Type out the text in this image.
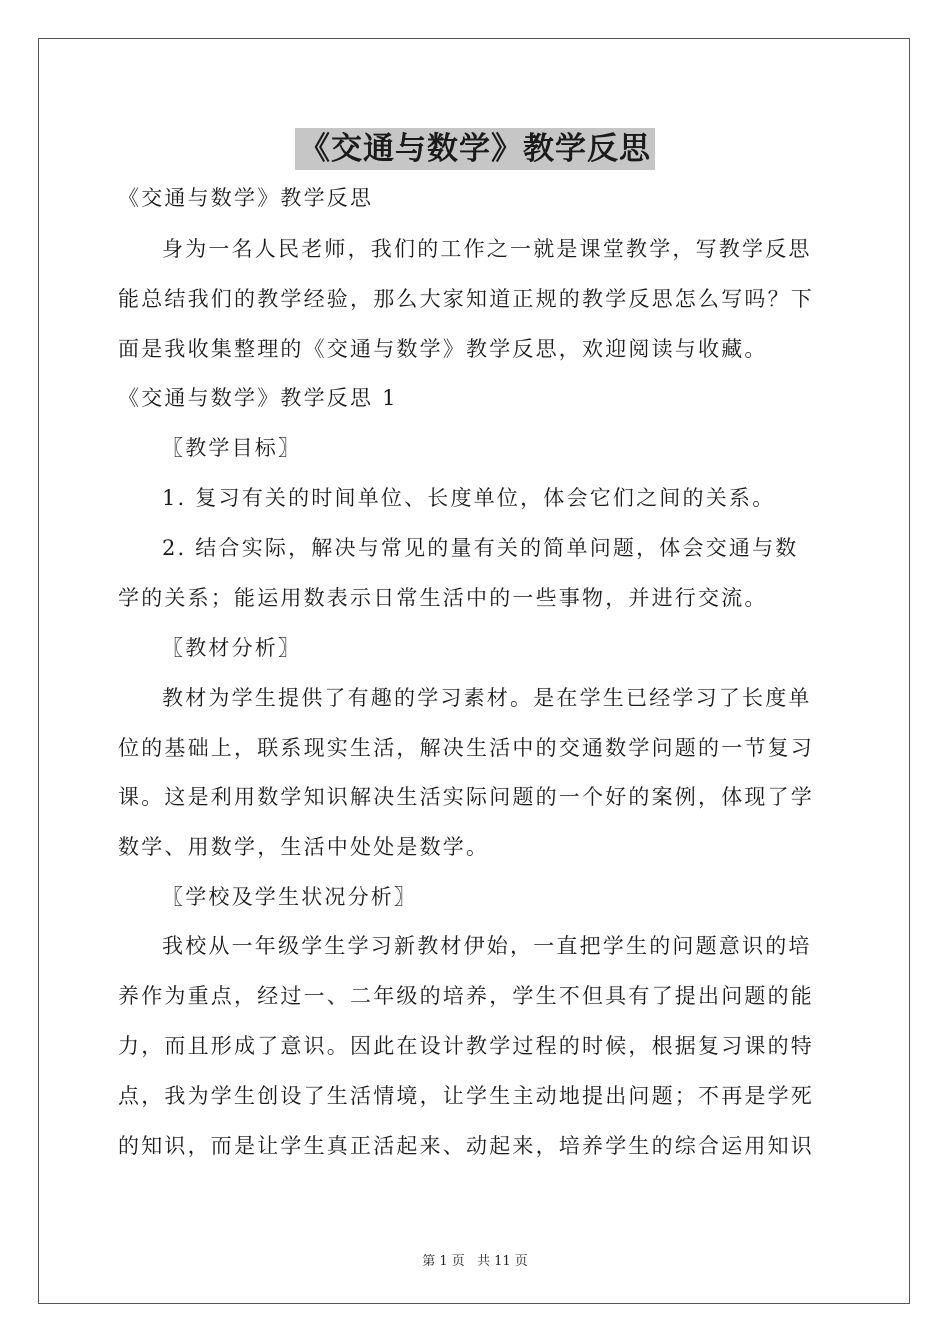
《交通与数学》教学反思
《交通与数学》教学反思
身为一名人民老师，我们的工作之一就是课堂教学，写教学反思
能总结我们的教学经验，那么大家知道正规的教学反思怎么写吗？下
面是我收集整理的《交通与数学》教学反思，欢迎阅读与收藏。
《交通与数学》教学反思 1
〖教学目标〗
1. 复习有关的时间单位、长度单位，体会它们之间的关系。
2. 结合实际，解决与常见的量有关的简单问题，体会交通与数
学的关系；能运用数表示日常生活中的一些事物，并进行交流。
〖教材分析〗
教材为学生提供了有趣的学习素材。是在学生已经学习了长度单
位的基础上，联系现实生活，解决生活中的交通数学问题的一节复习
课。这是利用数学知识解决生活实际问题的一个好的案例，体现了学
数学、用数学，生活中处处是数学。
〖学校及学生状况分析〗
我校从一年级学生学习新教材伊始，一直把学生的问题意识的培
养作为重点，经过一、二年级的培养，学生不但具有了提出问题的能
力，而且形成了意识。因此在设计教学过程的时候，根据复习课的特
点，我为学生创设了生活情境，让学生主动地提出问题；不再是学死
的知识，而是让学生真正活起来、动起来，培养学生的综合运用知识
第 1 页 共 11 页
